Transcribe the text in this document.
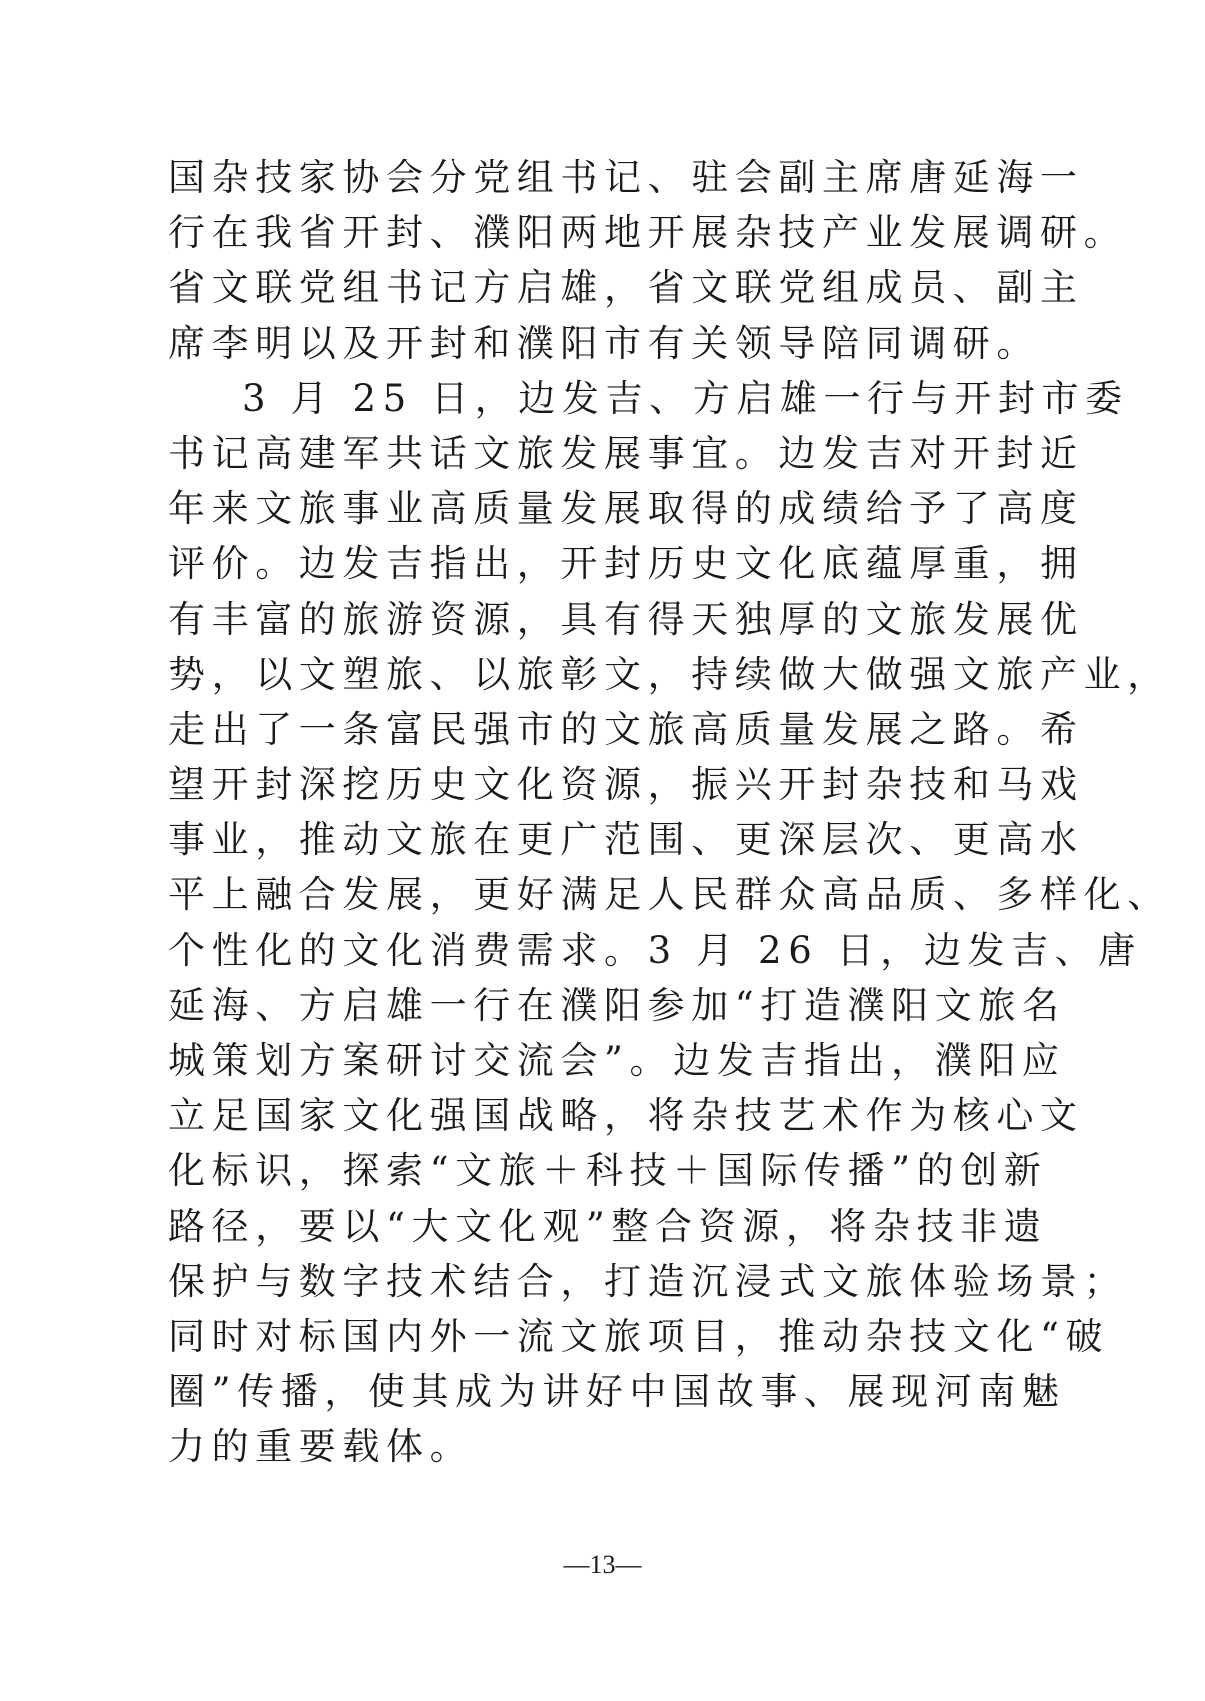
国杂技家协会分党组书记、驻会副主席唐延海一
行在我省开封、濮阳两地开展杂技产业发展调研。
省文联党组书记方启雄，省文联党组成员、副主
席李明以及开封和濮阳市有关领导陪同调研。
3 月 25 日，边发吉、方启雄一行与开封市委
书记高建军共话文旅发展事宜。边发吉对开封近
年来文旅事业高质量发展取得的成绩给予了高度
评价。边发吉指出，开封历史文化底蕴厚重，拥
有丰富的旅游资源，具有得天独厚的文旅发展优
势，以文塑旅、以旅彰文，持续做大做强文旅产业，
走出了一条富民强市的文旅高质量发展之路。希
望开封深挖历史文化资源，振兴开封杂技和马戏
事业，推动文旅在更广范围、更深层次、更高水
平上融合发展，更好满足人民群众高品质、多样化、
个性化的文化消费需求。3 月 26 日，边发吉、唐
延海、方启雄一行在濮阳参加“打造濮阳文旅名
城策划方案研讨交流会”。边发吉指出，濮阳应
立足国家文化强国战略，将杂技艺术作为核心文
化标识，探索“文旅＋科技＋国际传播”的创新
路径，要以“大文化观”整合资源，将杂技非遗
保护与数字技术结合，打造沉浸式文旅体验场景；
同时对标国内外一流文旅项目，推动杂技文化“破
圈”传播，使其成为讲好中国故事、展现河南魅
力的重要载体。
—13—
